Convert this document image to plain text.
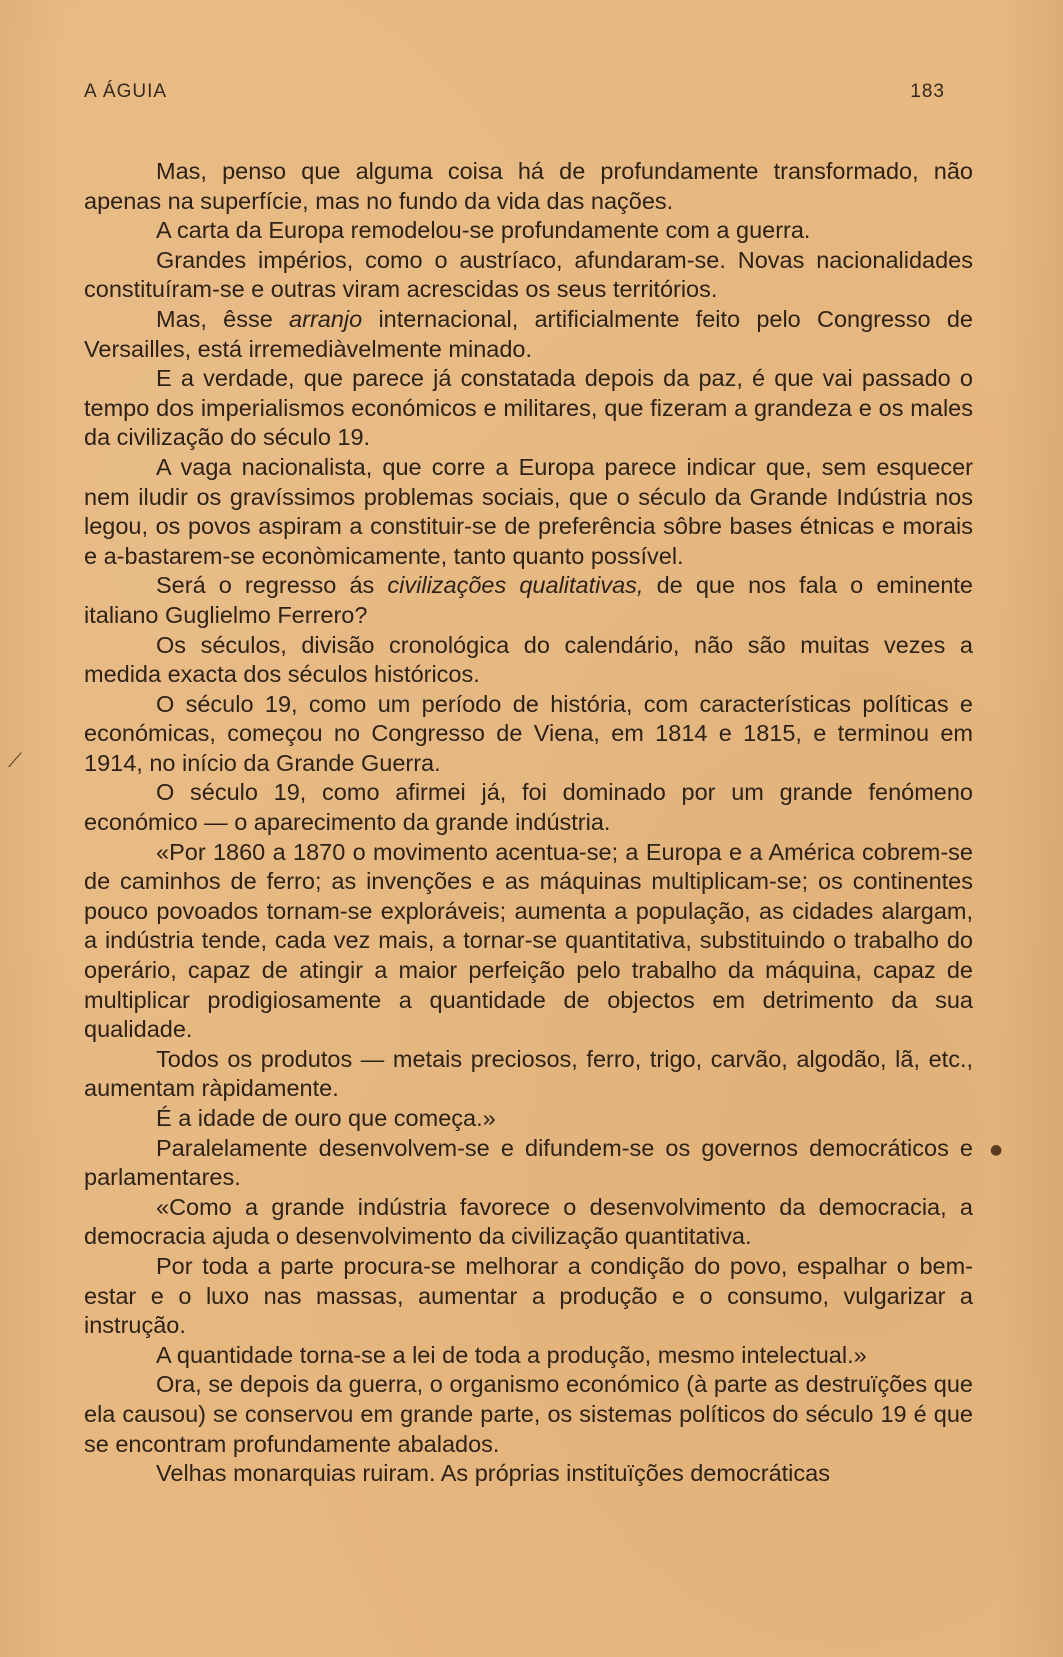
A ÁGUIA	183

Mas, penso que alguma coisa há de profundamente transformado, não apenas na superfície, mas no fundo da vida das nações.

A carta da Europa remodelou-se profundamente com a guerra.

Grandes impérios, como o austríaco, afundaram-se. Novas nacionalidades constituíram-se e outras viram acrescidas os seus territórios.

Mas, êsse arranjo internacional, artificialmente feito pelo Congresso de Versailles, está irremediàvelmente minado.

E a verdade, que parece já constatada depois da paz, é que vai passado o tempo dos imperialismos económicos e militares, que fizeram a grandeza e os males da civilização do século 19.

A vaga nacionalista, que corre a Europa parece indicar que, sem esquecer nem iludir os gravíssimos problemas sociais, que o século da Grande Indústria nos legou, os povos aspiram a constituir-se de preferência sôbre bases étnicas e morais e a-bastarem-se econòmicamente, tanto quanto possível.

Será o regresso ás civilizações qualitativas, de que nos fala o eminente italiano Guglielmo Ferrero?

Os séculos, divisão cronológica do calendário, não são muitas vezes a medida exacta dos séculos históricos.

O século 19, como um período de história, com características políticas e económicas, começou no Congresso de Viena, em 1814 e 1815, e terminou em 1914, no início da Grande Guerra.

O século 19, como afirmei já, foi dominado por um grande fenómeno económico — o aparecimento da grande indústria.

«Por 1860 a 1870 o movimento acentua-se; a Europa e a América cobrem-se de caminhos de ferro; as invenções e as máquinas multiplicam-se; os continentes pouco povoados tornam-se exploráveis; aumenta a população, as cidades alargam, a indústria tende, cada vez mais, a tornar-se quantitativa, substituindo o trabalho do operário, capaz de atingir a maior perfeição pelo trabalho da máquina, capaz de multiplicar prodigiosamente a quantidade de objectos em detrimento da sua qualidade.

Todos os produtos — metais preciosos, ferro, trigo, carvão, algodão, lã, etc., aumentam ràpidamente.

É a idade de ouro que começa.»

Paralelamente desenvolvem-se e difundem-se os governos democráticos e parlamentares.

«Como a grande indústria favorece o desenvolvimento da democracia, a democracia ajuda o desenvolvimento da civilização quantitativa.

Por toda a parte procura-se melhorar a condição do povo, espalhar o bem-estar e o luxo nas massas, aumentar a produção e o consumo, vulgarizar a instrução.

A quantidade torna-se a lei de toda a produção, mesmo intelectual.»

Ora, se depois da guerra, o organismo económico (à parte as destruïções que ela causou) se conservou em grande parte, os sistemas políticos do século 19 é que se encontram profundamente abalados.

Velhas monarquias ruiram. As próprias instituïções democráticas

⟋
●
